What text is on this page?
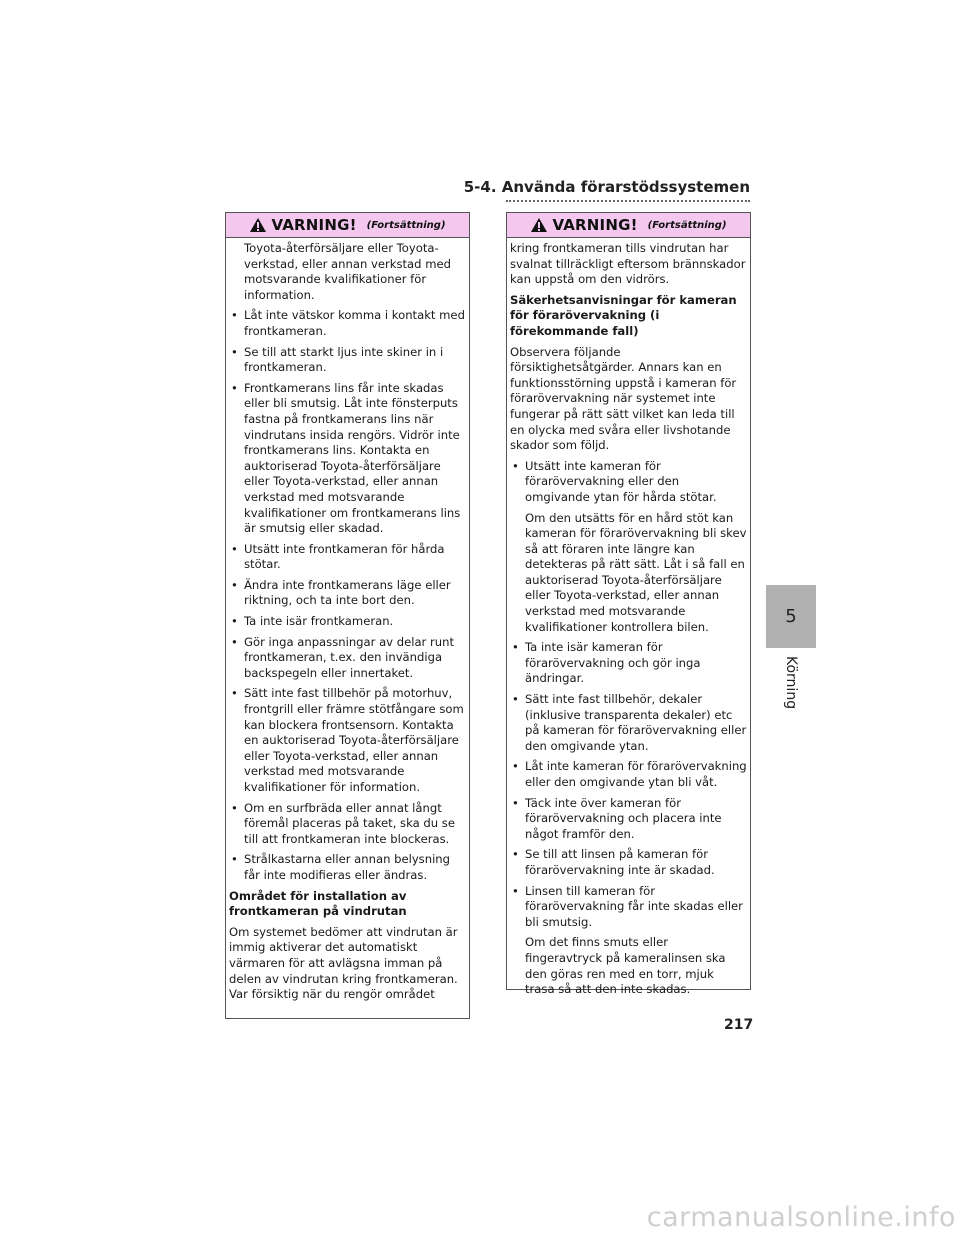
5-4. Använda förarstödssystemen
VARNING! (Fortsättning)

Toyota-återförsäljare eller Toyota-verkstad, eller annan verkstad med motsvarande kvalifikationer för information.

• Låt inte vätskor komma i kontakt med frontkameran.
• Se till att starkt ljus inte skiner in i frontkameran.
• Frontkamerans lins får inte skadas eller bli smutsig. Låt inte fönsterputs fastna på frontkamerans lins när vindrutans insida rengörs. Vidrör inte frontkamerans lins. Kontakta en auktoriserad Toyota-återförsäljare eller Toyota-verkstad, eller annan verkstad med motsvarande kvalifikationer om frontkamerans lins är smutsig eller skadad.
• Utsätt inte frontkameran för hårda stötar.
• Ändra inte frontkamerans läge eller riktning, och ta inte bort den.
• Ta inte isär frontkameran.
• Gör inga anpassningar av delar runt frontkameran, t.ex. den invändiga backspegeln eller innertaket.
• Sätt inte fast tillbehör på motorhuv, frontgrill eller främre stötfångare som kan blockera frontsensorn. Kontakta en auktoriserad Toyota-återförsäljare eller Toyota-verkstad, eller annan verkstad med motsvarande kvalifikationer för information.
• Om en surfbräda eller annat långt föremål placeras på taket, ska du se till att frontkameran inte blockeras.
• Strålkastarna eller annan belysning får inte modifieras eller ändras.

Området för installation av frontkameran på vindrutan

Om systemet bedömer att vindrutan är immig aktiverar det automatiskt värmaren för att avlägsna imman på delen av vindrutan kring frontkameran. Var försiktig när du rengör området

VARNING! (Fortsättning)

kring frontkameran tills vindrutan har svalnat tillräckligt eftersom brännskador kan uppstå om den vidrörs.

Säkerhetsanvisningar för kameran för förarövervakning (i förekommande fall)

Observera följande försiktighetsåtgärder. Annars kan en funktionsstörning uppstå i kameran för förarövervakning när systemet inte fungerar på rätt sätt vilket kan leda till en olycka med svåra eller livshotande skador som följd.

• Utsätt inte kameran för förarövervakning eller den omgivande ytan för hårda stötar.

Om den utsätts för en hård stöt kan kameran för förarövervakning bli skev så att föraren inte längre kan detekteras på rätt sätt. Låt i så fall en auktoriserad Toyota-återförsäljare eller Toyota-verkstad, eller annan verkstad med motsvarande kvalifikationer kontrollera bilen.

• Ta inte isär kameran för förarövervakning och gör inga ändringar.
• Sätt inte fast tillbehör, dekaler (inklusive transparenta dekaler) etc på kameran för förarövervakning eller den omgivande ytan.
• Låt inte kameran för förarövervakning eller den omgivande ytan bli våt.
• Täck inte över kameran för förarövervakning och placera inte något framför den.
• Se till att linsen på kameran för förarövervakning inte är skadad.
• Linsen till kameran för förarövervakning får inte skadas eller bli smutsig.

Om det finns smuts eller fingeravtryck på kameralinsen ska den göras ren med en torr, mjuk trasa så att den inte skadas.

5
Körning
217
carmanualsonline.info
